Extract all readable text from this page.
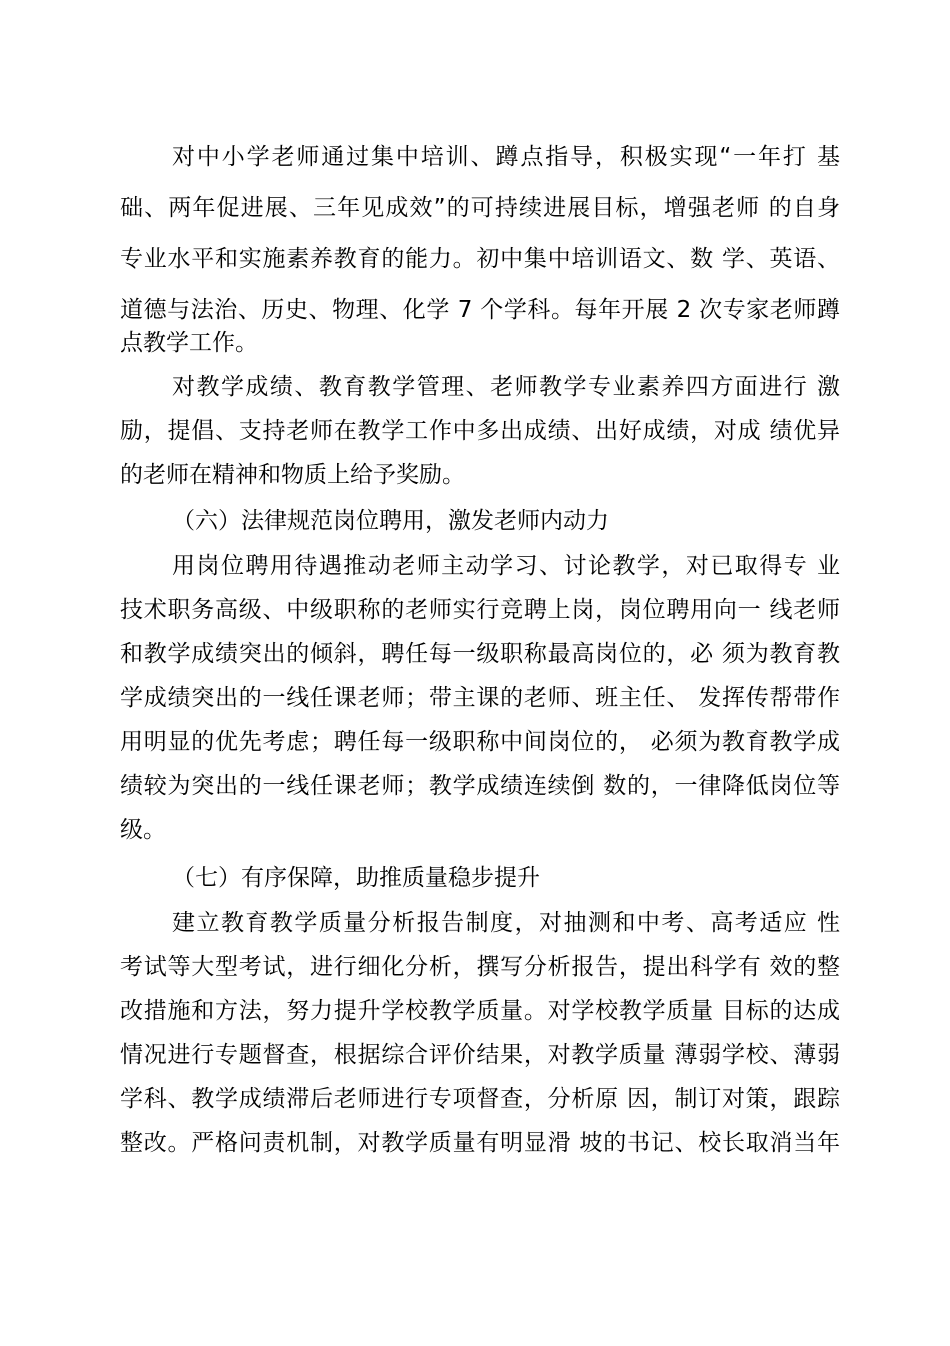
对中小学老师通过集中培训、蹲点指导，积极实现“一年打 基
础、两年促进展、三年见成效”的可持续进展目标，增强老师 的自身
专业水平和实施素养教育的能力。初中集中培训语文、数 学、英语、
道德与法治、历史、物理、化学 7 个学科。每年开展 2 次专家老师蹲
点教学工作。
对教学成绩、教育教学管理、老师教学专业素养四方面进行 激
励，提倡、支持老师在教学工作中多出成绩、出好成绩，对成 绩优异
的老师在精神和物质上给予奖励。
（六）法律规范岗位聘用，激发老师内动力
用岗位聘用待遇推动老师主动学习、讨论教学，对已取得专 业
技术职务高级、中级职称的老师实行竞聘上岗，岗位聘用向一 线老师
和教学成绩突出的倾斜，聘任每一级职称最高岗位的，必 须为教育教
学成绩突出的一线任课老师；带主课的老师、班主任、 发挥传帮带作
用明显的优先考虑；聘任每一级职称中间岗位的， 必须为教育教学成
绩较为突出的一线任课老师；教学成绩连续倒 数的，一律降低岗位等
级。
（七）有序保障，助推质量稳步提升
建立教育教学质量分析报告制度，对抽测和中考、高考适应 性
考试等大型考试，进行细化分析，撰写分析报告，提出科学有 效的整
改措施和方法，努力提升学校教学质量。对学校教学质量 目标的达成
情况进行专题督查，根据综合评价结果，对教学质量 薄弱学校、薄弱
学科、教学成绩滞后老师进行专项督查，分析原 因，制订对策，跟踪
整改。严格问责机制，对教学质量有明显滑 坡的书记、校长取消当年
